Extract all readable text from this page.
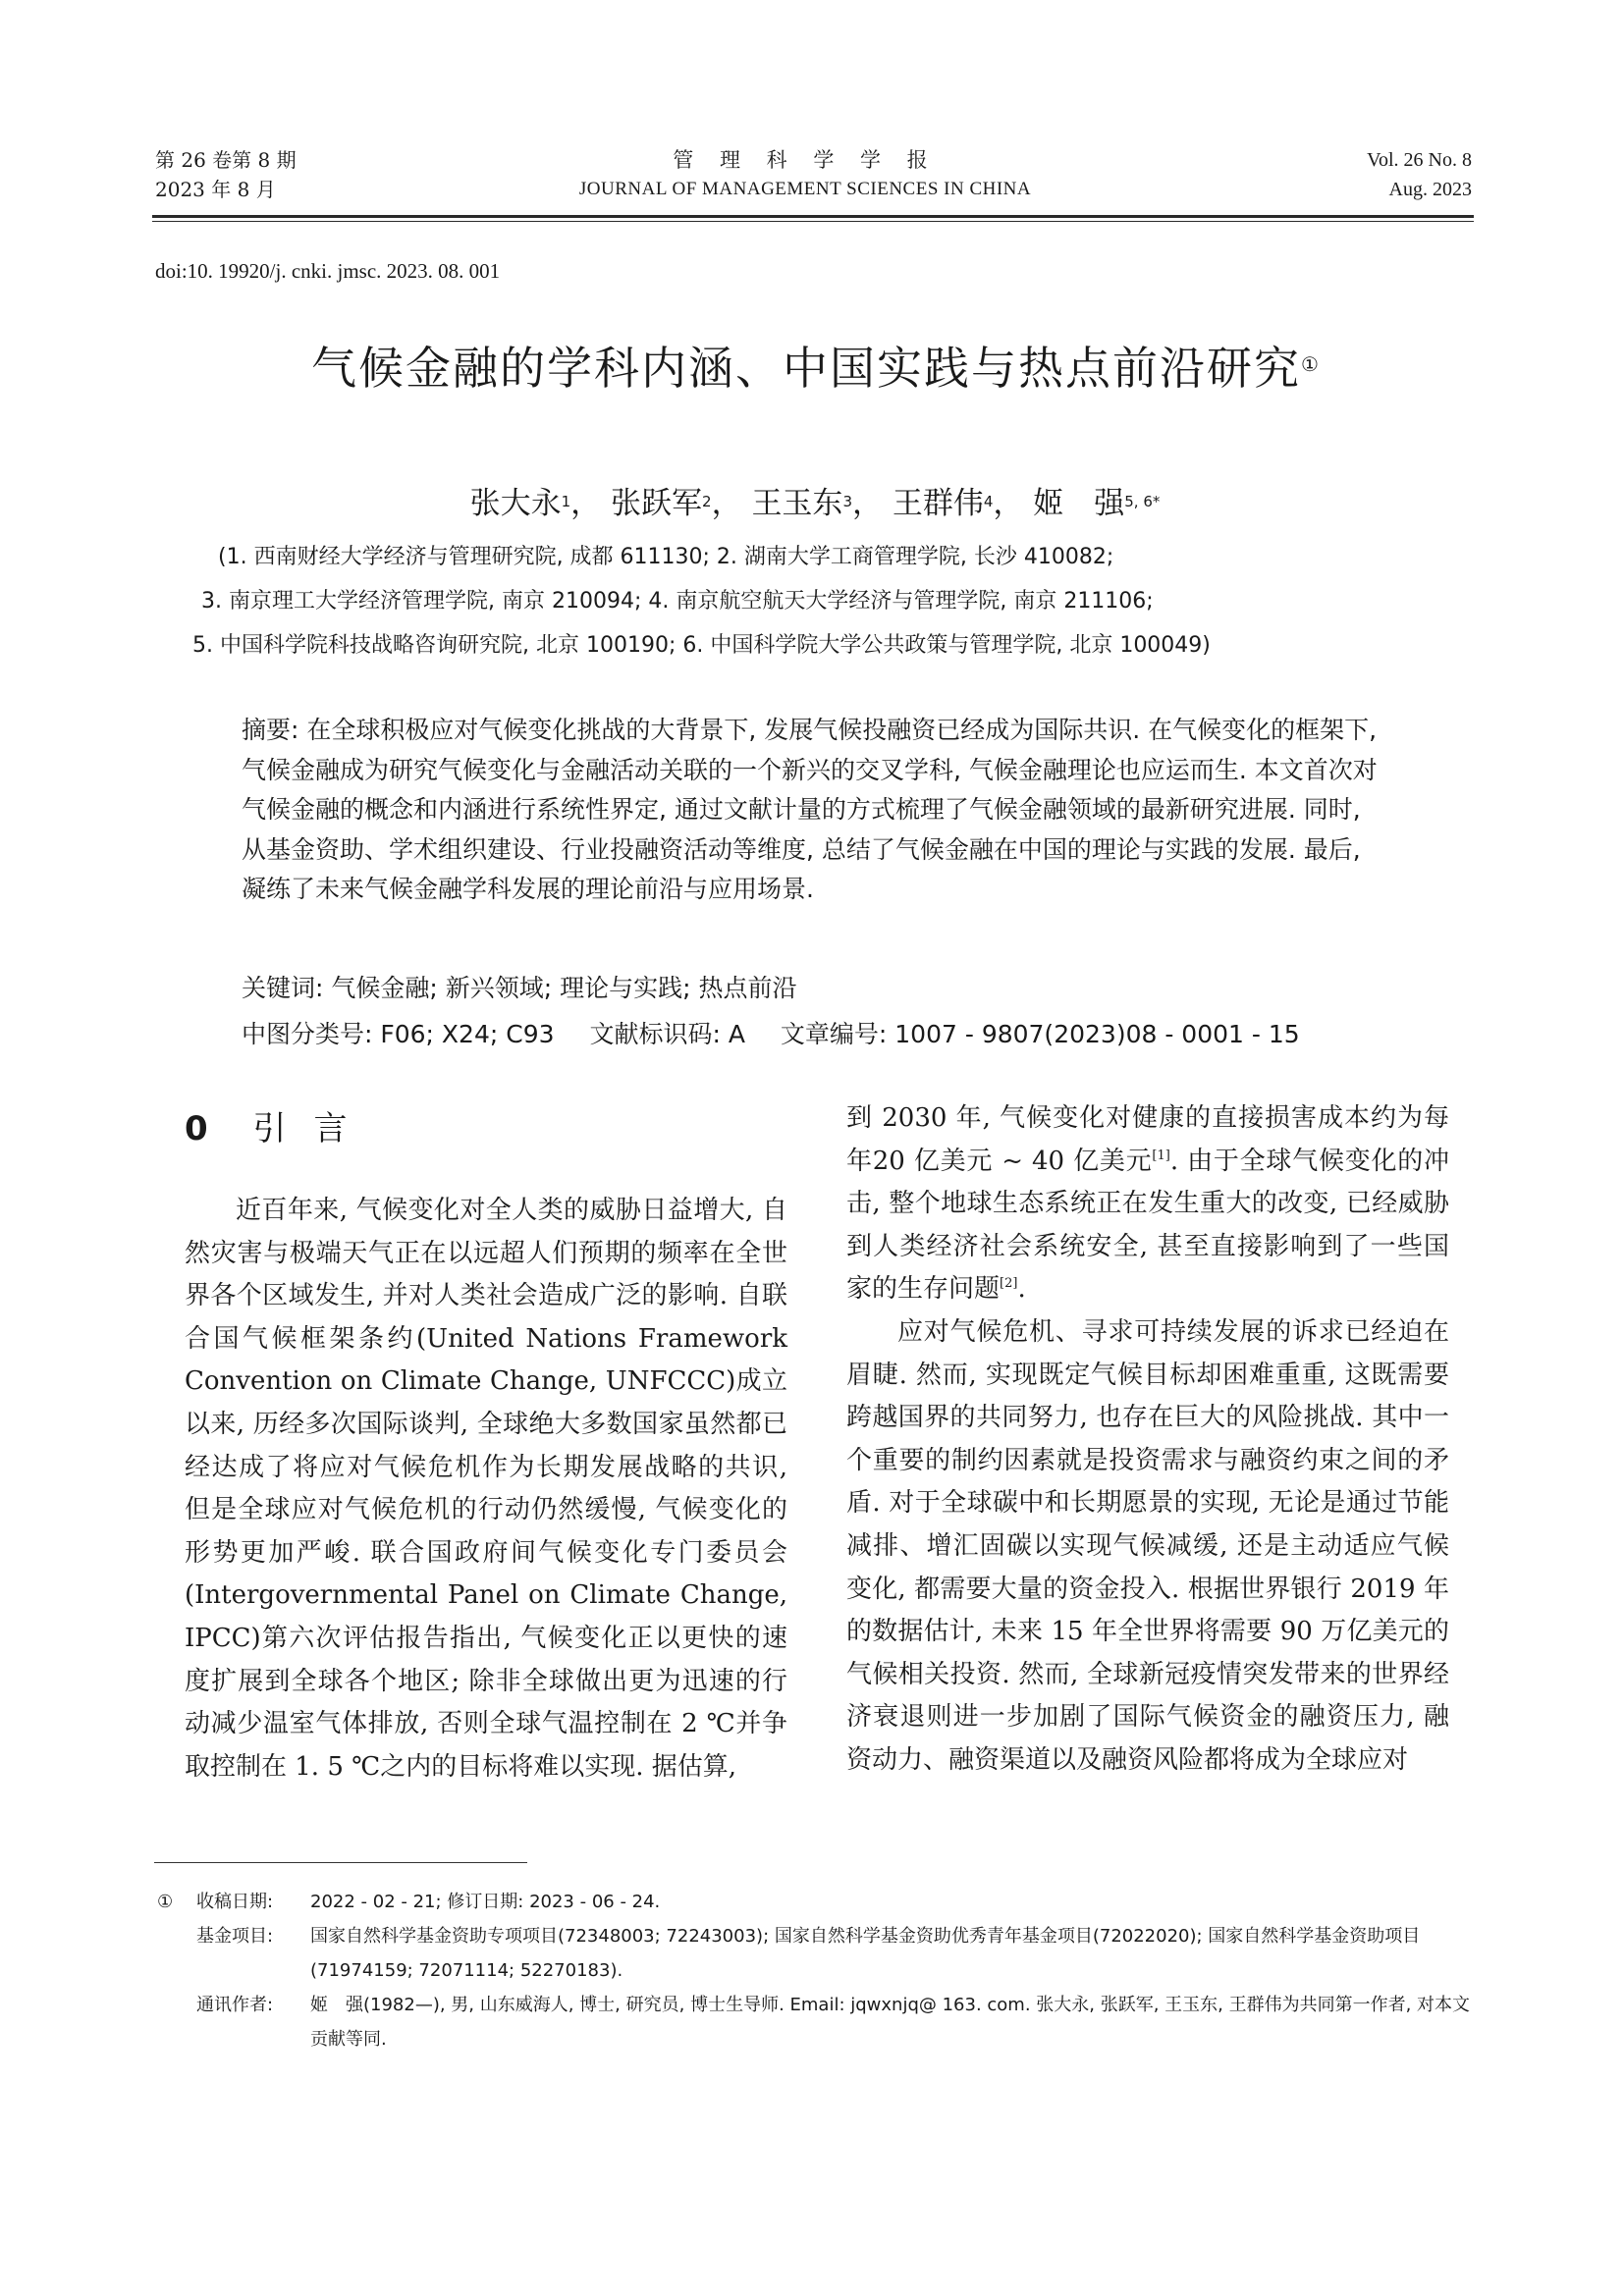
第 26 卷第 8 期
2023 年 8 月
管 理 科 学 学 报
JOURNAL OF MANAGEMENT SCIENCES IN CHINA
Vol. 26 No. 8
Aug. 2023
doi:10. 19920/j. cnki. jmsc. 2023. 08. 001
气候金融的学科内涵、中国实践与热点前沿研究①
张大永$^1$， 张跃军$^2$， 王玉东$^3$， 王群伟$^4$， 姬　强$^{5, 6*}$
(1. 西南财经大学经济与管理研究院, 成都 611130; 2. 湖南大学工商管理学院, 长沙 410082;
3. 南京理工大学经济管理学院, 南京 210094; 4. 南京航空航天大学经济与管理学院, 南京 211106;
5. 中国科学院科技战略咨询研究院, 北京 100190; 6. 中国科学院大学公共政策与管理学院, 北京 100049)
摘要: 在全球积极应对气候变化挑战的大背景下, 发展气候投融资已经成为国际共识. 在气候变化的框架下, 气候金融成为研究气候变化与金融活动关联的一个新兴的交叉学科, 气候金融理论也应运而生. 本文首次对气候金融的概念和内涵进行系统性界定, 通过文献计量的方式梳理了气候金融领域的最新研究进展. 同时, 从基金资助、学术组织建设、行业投融资活动等维度, 总结了气候金融在中国的理论与实践的发展. 最后, 凝练了未来气候金融学科发展的理论前沿与应用场景.
关键词: 气候金融; 新兴领域; 理论与实践; 热点前沿
中图分类号: F06; X24; C93 文献标识码: A 文章编号: 1007 - 9807(2023)08 - 0001 - 15
0 引言

近百年来, 气候变化对全人类的威胁日益增大, 自然灾害与极端天气正在以远超人们预期的频率在全世界各个区域发生, 并对人类社会造成广泛的影响. 自联合国气候框架条约(United Nations Framework Convention on Climate Change, UNFCCC)成立以来, 历经多次国际谈判, 全球绝大多数国家虽然都已经达成了将应对气候危机作为长期发展战略的共识, 但是全球应对气候危机的行动仍然缓慢, 气候变化的形势更加严峻. 联合国政府间气候变化专门委员会(Intergovernmental Panel on Climate Change, IPCC)第六次评估报告指出, 气候变化正以更快的速度扩展到全球各个地区; 除非全球做出更为迅速的行动减少温室气体排放, 否则全球气温控制在 2 ℃并争取控制在 1. 5 ℃之内的目标将难以实现. 据估算,

到 2030 年, 气候变化对健康的直接损害成本约为每年20 亿美元 ~ 40 亿美元[1]. 由于全球气候变化的冲击, 整个地球生态系统正在发生重大的改变, 已经威胁到人类经济社会系统安全, 甚至直接影响到了一些国家的生存问题[2].

应对气候危机、寻求可持续发展的诉求已经迫在眉睫. 然而, 实现既定气候目标却困难重重, 这既需要跨越国界的共同努力, 也存在巨大的风险挑战. 其中一个重要的制约因素就是投资需求与融资约束之间的矛盾. 对于全球碳中和长期愿景的实现, 无论是通过节能减排、增汇固碳以实现气候减缓, 还是主动适应气候变化, 都需要大量的资金投入. 根据世界银行 2019 年的数据估计, 未来 15 年全世界将需要 90 万亿美元的气候相关投资. 然而, 全球新冠疫情突发带来的世界经济衰退则进一步加剧了国际气候资金的融资压力, 融资动力、融资渠道以及融资风险都将成为全球应对

①	收稿日期:	2022 - 02 - 21; 修订日期: 2023 - 06 - 24.
基金项目:	国家自然科学基金资助专项项目(72348003; 72243003); 国家自然科学基金资助优秀青年基金项目(72022020); 国家自然科学基金资助项目(71974159; 72071114; 52270183).
通讯作者:	姬　强(1982—), 男, 山东威海人, 博士, 研究员, 博士生导师. Email: jqwxnjq@ 163. com. 张大永, 张跃军, 王玉东, 王群伟为共同第一作者, 对本文贡献等同.
